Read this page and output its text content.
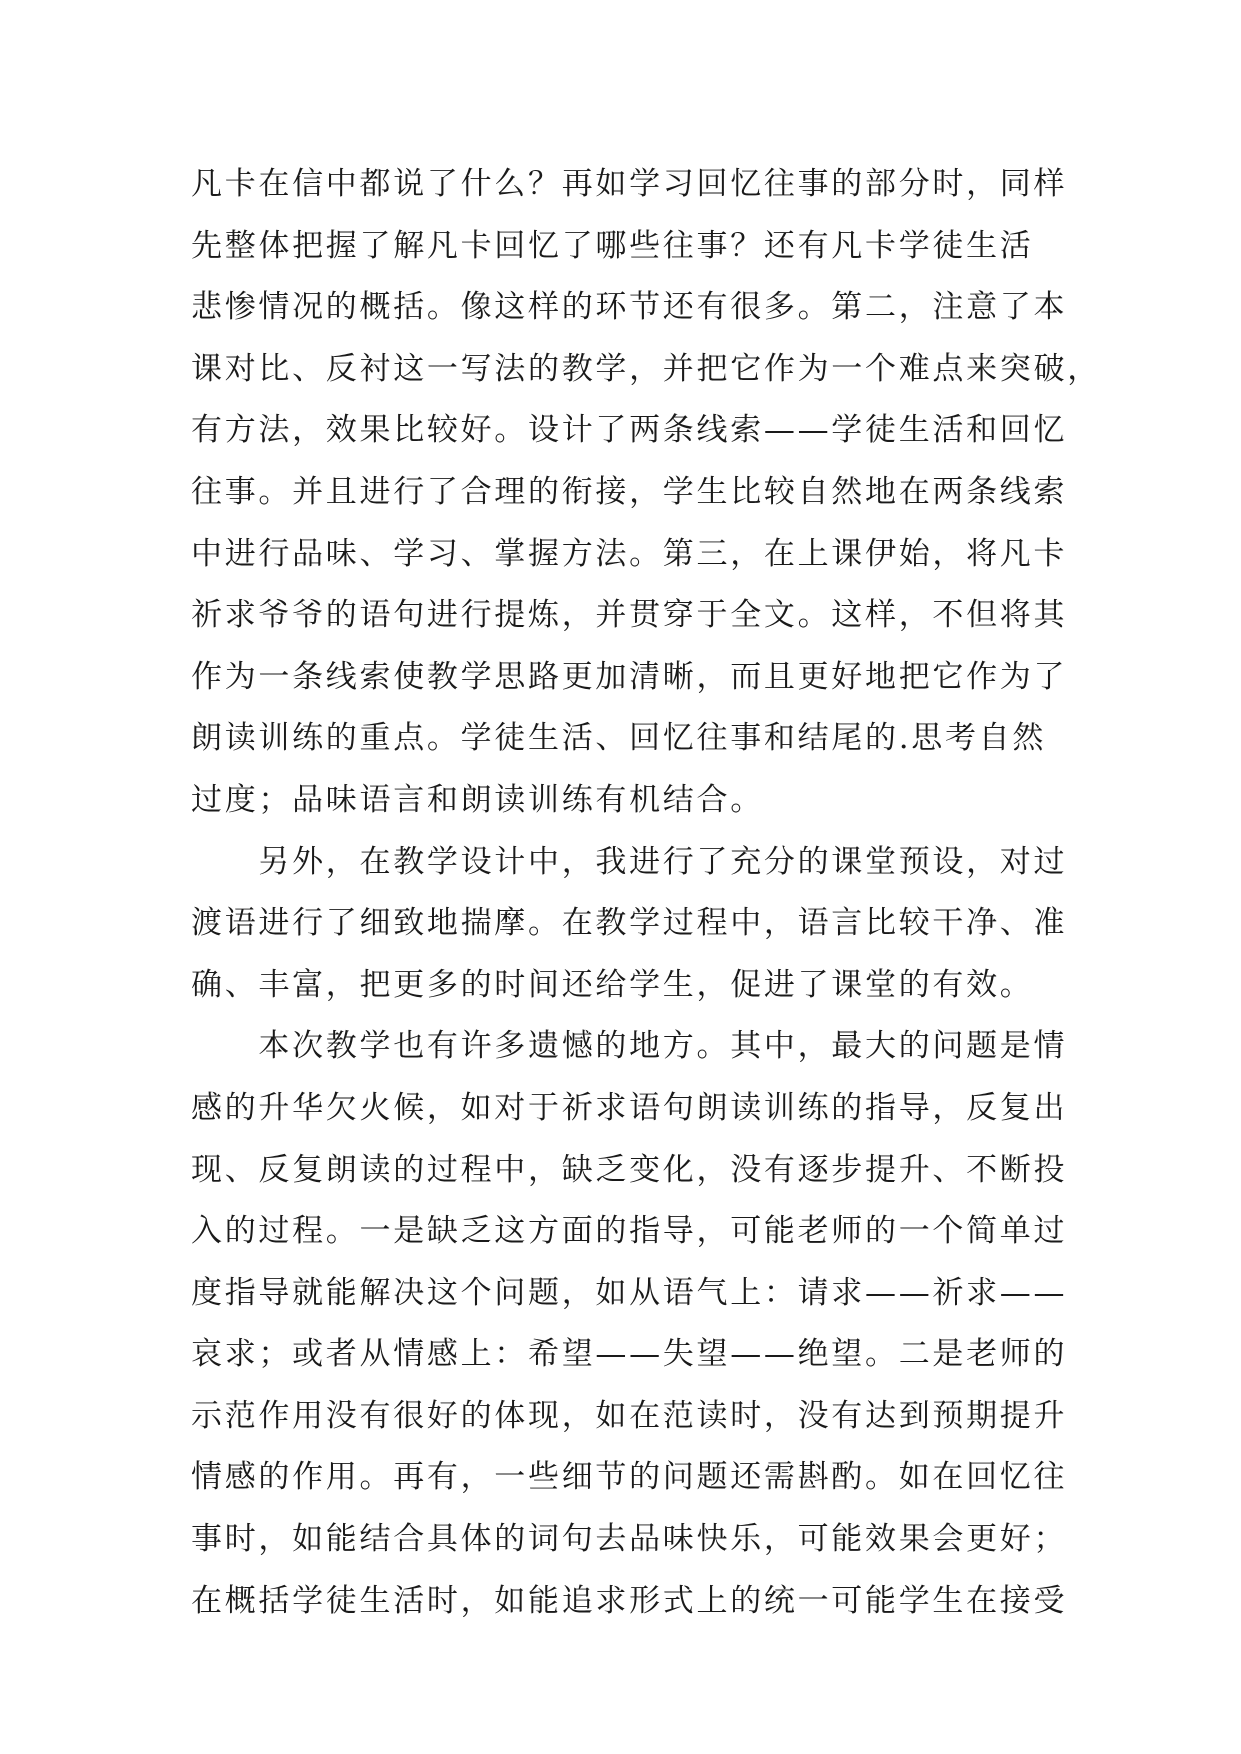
凡卡在信中都说了什么？再如学习回忆往事的部分时，同样
先整体把握了解凡卡回忆了哪些往事？还有凡卡学徒生活
悲惨情况的概括。像这样的环节还有很多。第二，注意了本
课对比、反衬这一写法的教学，并把它作为一个难点来突破，
有方法，效果比较好。设计了两条线索——学徒生活和回忆
往事。并且进行了合理的衔接，学生比较自然地在两条线索
中进行品味、学习、掌握方法。第三，在上课伊始，将凡卡
祈求爷爷的语句进行提炼，并贯穿于全文。这样，不但将其
作为一条线索使教学思路更加清晰，而且更好地把它作为了
朗读训练的重点。学徒生活、回忆往事和结尾的.思考自然
过度；品味语言和朗读训练有机结合。
　　另外，在教学设计中，我进行了充分的课堂预设，对过
渡语进行了细致地揣摩。在教学过程中，语言比较干净、准
确、丰富，把更多的时间还给学生，促进了课堂的有效。
　　本次教学也有许多遗憾的地方。其中，最大的问题是情
感的升华欠火候，如对于祈求语句朗读训练的指导，反复出
现、反复朗读的过程中，缺乏变化，没有逐步提升、不断投
入的过程。一是缺乏这方面的指导，可能老师的一个简单过
度指导就能解决这个问题，如从语气上：请求——祈求——
哀求；或者从情感上：希望——失望——绝望。二是老师的
示范作用没有很好的体现，如在范读时，没有达到预期提升
情感的作用。再有，一些细节的问题还需斟酌。如在回忆往
事时，如能结合具体的词句去品味快乐，可能效果会更好；
在概括学徒生活时，如能追求形式上的统一可能学生在接受
